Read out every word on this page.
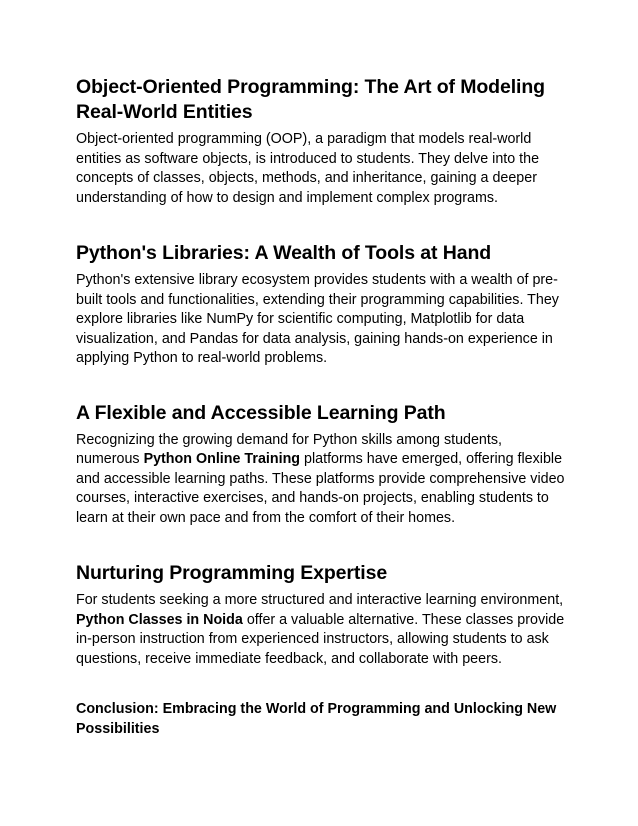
Object-Oriented Programming: The Art of Modeling
Real-World Entities

Object-oriented programming (OOP), a paradigm that models real-world entities as software objects, is introduced to students. They delve into the concepts of classes, objects, methods, and inheritance, gaining a deeper understanding of how to design and implement complex programs.

Python's Libraries: A Wealth of Tools at Hand

Python's extensive library ecosystem provides students with a wealth of pre-built tools and functionalities, extending their programming capabilities. They explore libraries like NumPy for scientific computing, Matplotlib for data visualization, and Pandas for data analysis, gaining hands-on experience in applying Python to real-world problems.

A Flexible and Accessible Learning Path

Recognizing the growing demand for Python skills among students, numerous Python Online Training platforms have emerged, offering flexible and accessible learning paths. These platforms provide comprehensive video courses, interactive exercises, and hands-on projects, enabling students to learn at their own pace and from the comfort of their homes.

Nurturing Programming Expertise

For students seeking a more structured and interactive learning environment, Python Classes in Noida offer a valuable alternative. These classes provide in-person instruction from experienced instructors, allowing students to ask questions, receive immediate feedback, and collaborate with peers.

Conclusion: Embracing the World of Programming and Unlocking New
Possibilities
